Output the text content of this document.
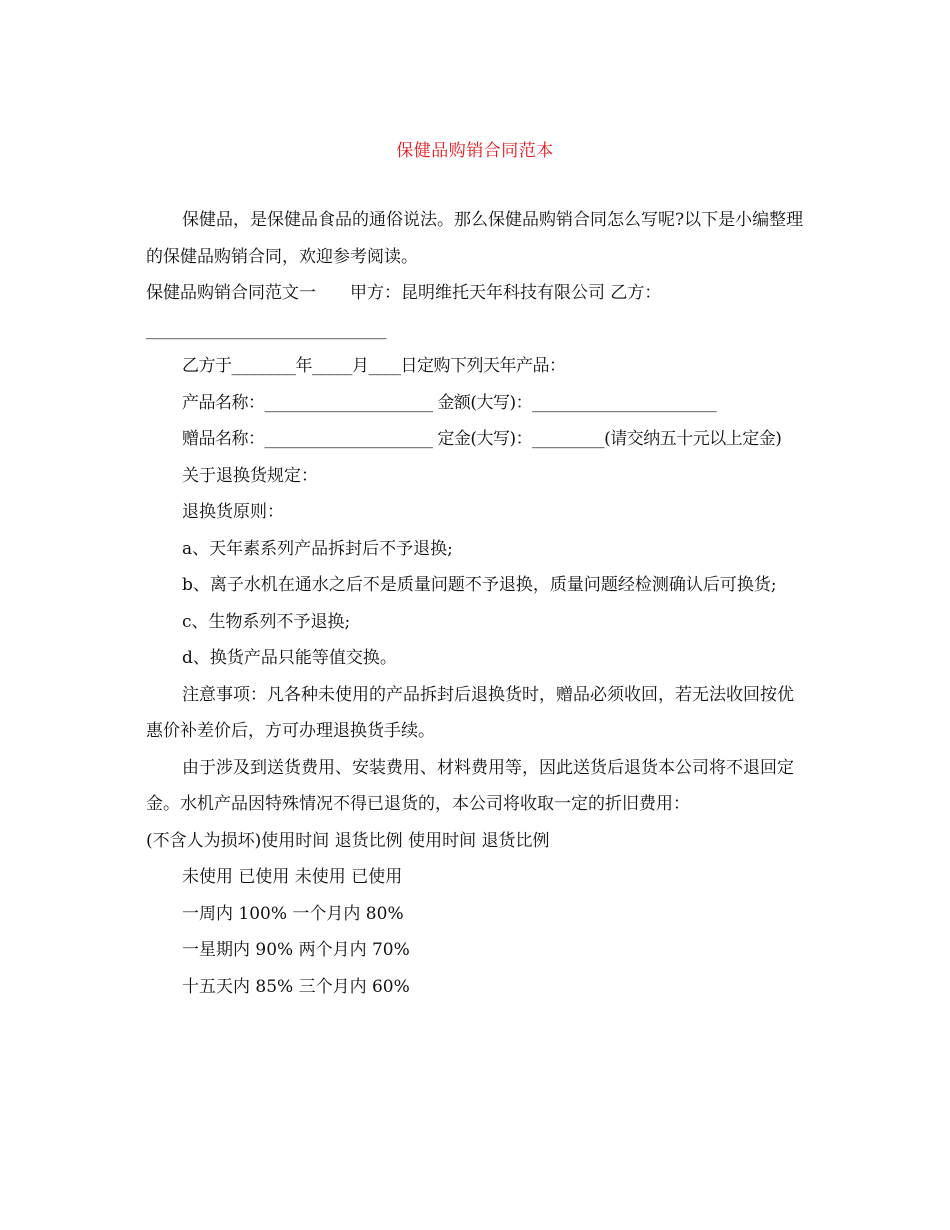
保健品购销合同范本

保健品，是保健品食品的通俗说法。那么保健品购销合同怎么写呢?以下是小编整理的保健品购销合同，欢迎参考阅读。

保健品购销合同范文一　　甲方：昆明维托天年科技有限公司 乙方：

______________________________

乙方于________年_____月____日定购下列天年产品：

产品名称：_____________________ 金额(大写)：_______________________

赠品名称：_____________________ 定金(大写)：_________(请交纳五十元以上定金)

关于退换货规定：

退换货原则：

a、天年素系列产品拆封后不予退换;

b、离子水机在通水之后不是质量问题不予退换，质量问题经检测确认后可换货;

c、生物系列不予退换;

d、换货产品只能等值交换。

注意事项：凡各种未使用的产品拆封后退换货时，赠品必须收回，若无法收回按优惠价补差价后，方可办理退换货手续。

由于涉及到送货费用、安装费用、材料费用等，因此送货后退货本公司将不退回定金。水机产品因特殊情况不得已退货的，本公司将收取一定的折旧费用：

(不含人为损坏)使用时间 退货比例 使用时间 退货比例

未使用 已使用 未使用 已使用

一周内 100% 一个月内 80%

一星期内 90% 两个月内 70%

十五天内 85% 三个月内 60%
